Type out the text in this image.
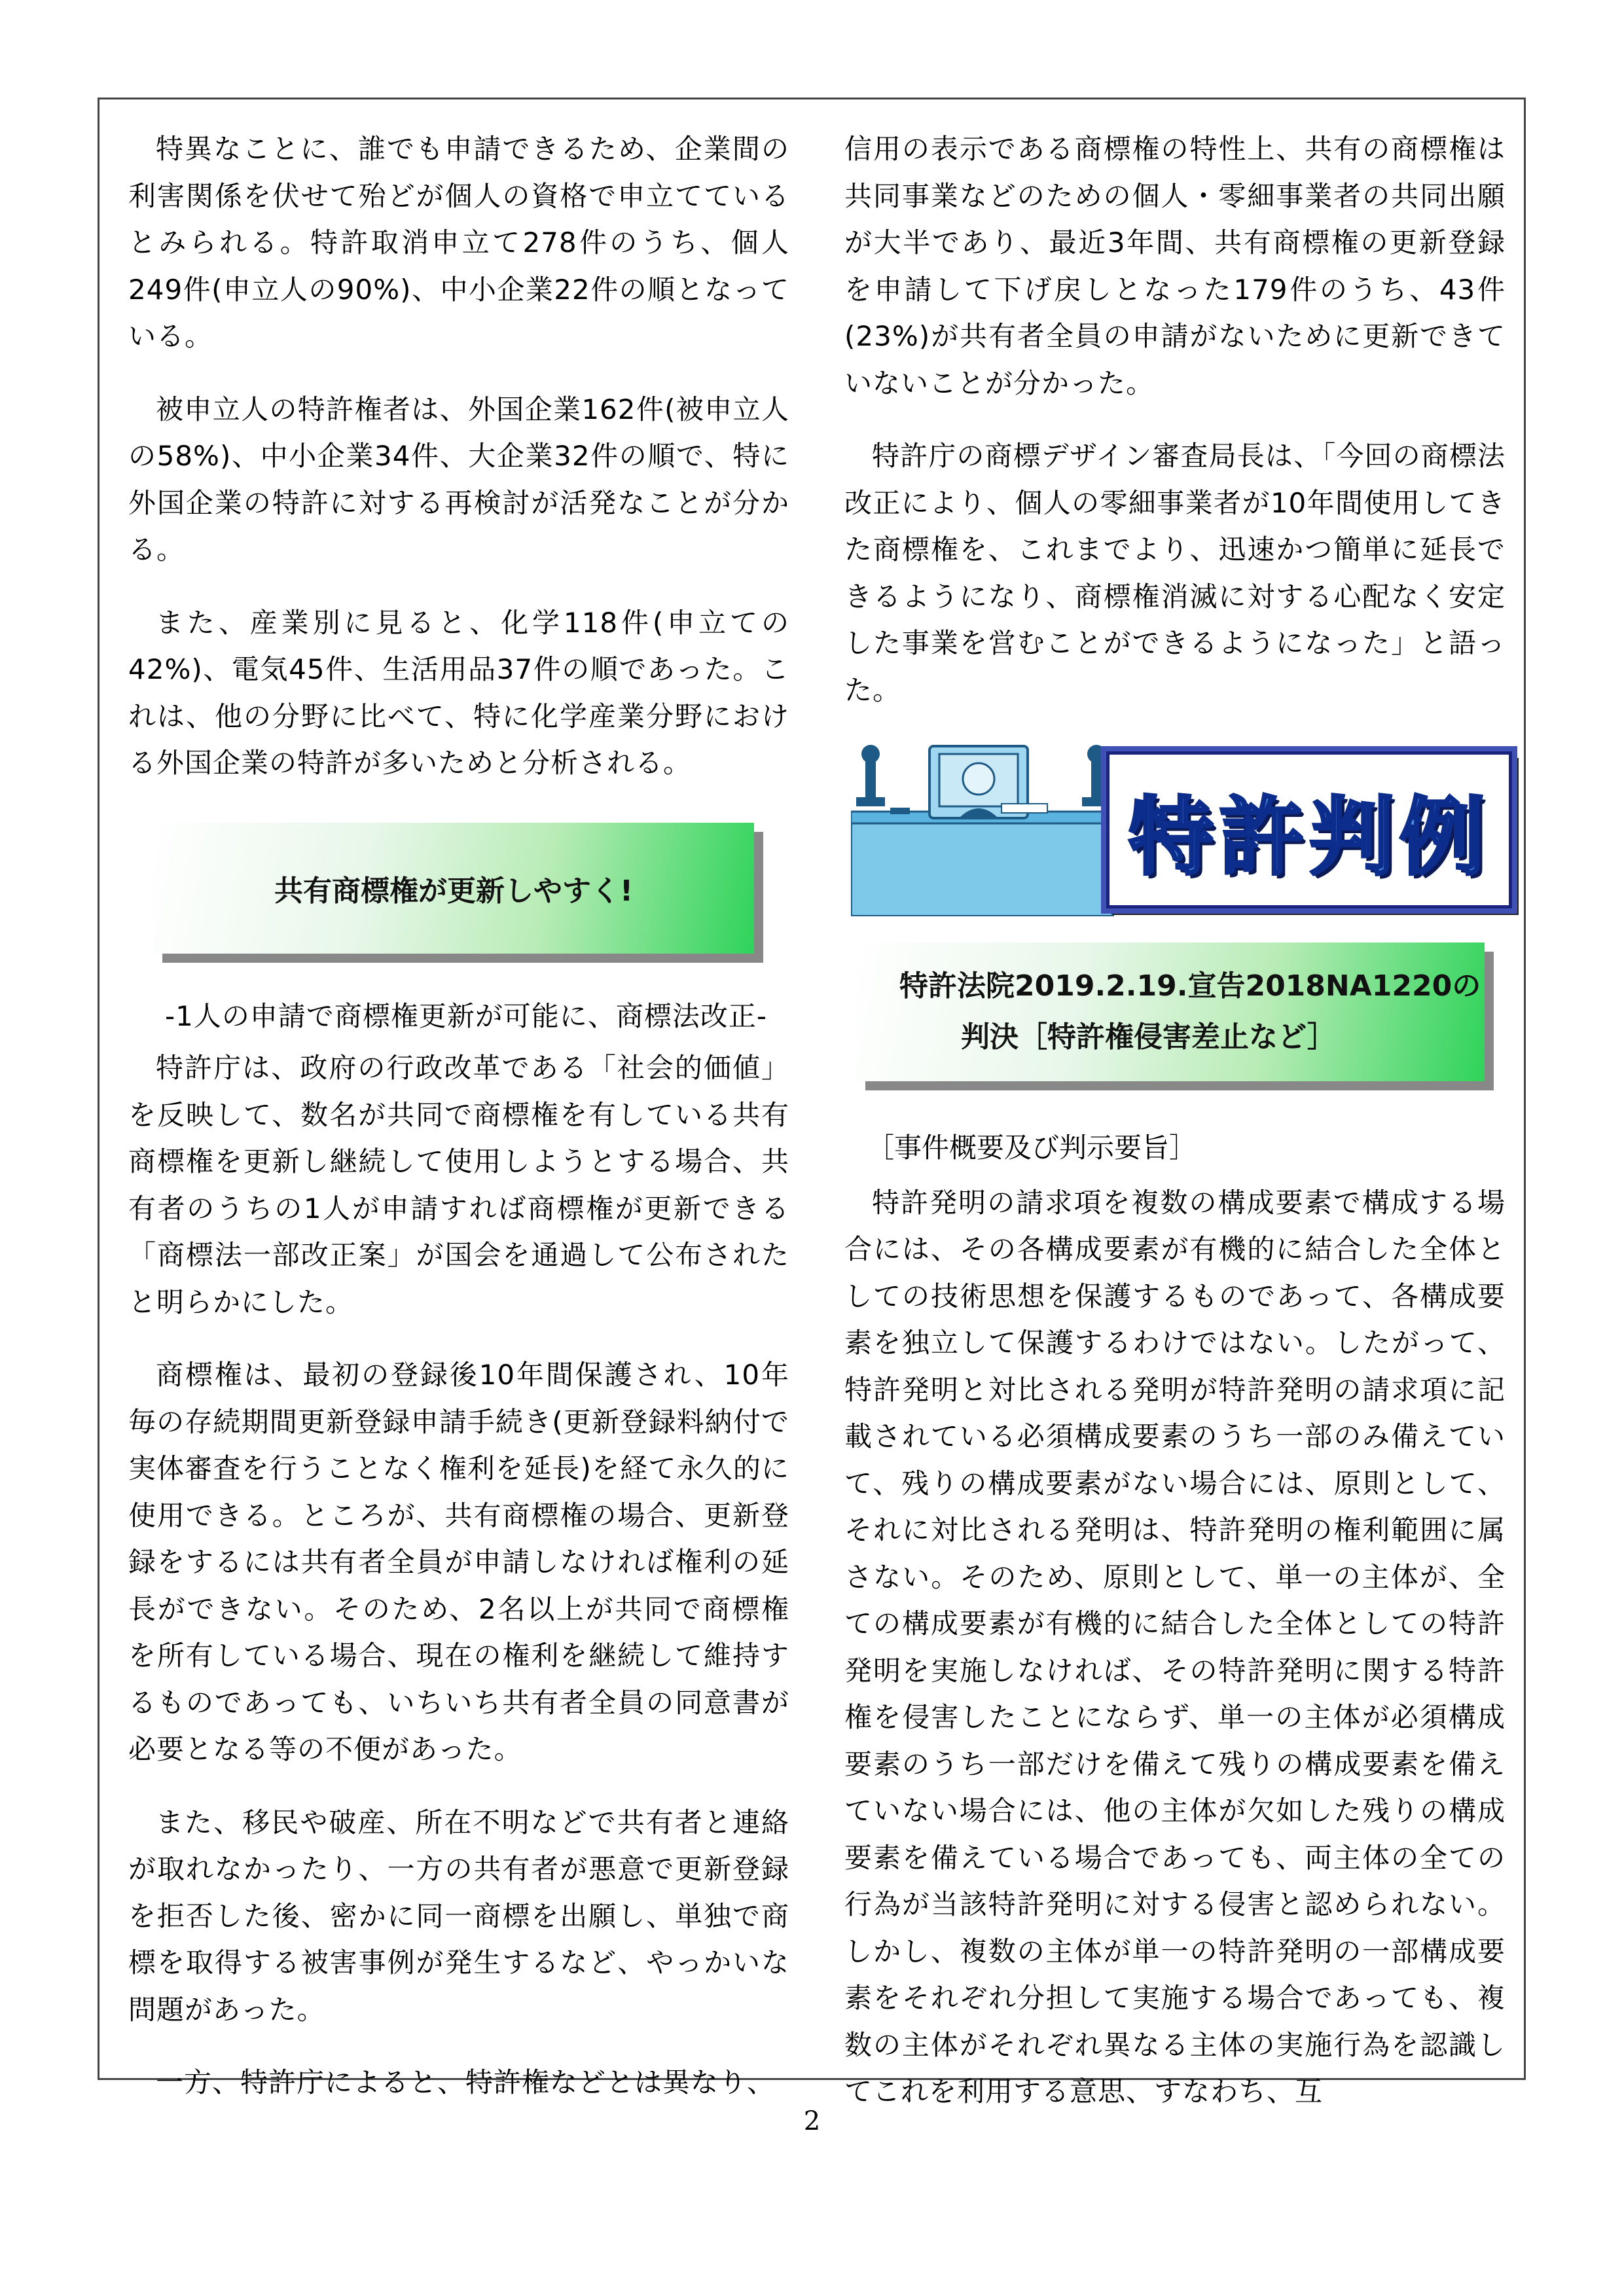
特異なことに、誰でも申請できるため、企業間の利害関係を伏せて殆どが個人の資格で申立てているとみられる。特許取消申立て278件のうち、個人249件(申立人の90%)、中小企業22件の順となっている。

被申立人の特許権者は、外国企業162件(被申立人の58%)、中小企業34件、大企業32件の順で、特に外国企業の特許に対する再検討が活発なことが分かる。

また、産業別に見ると、化学118件(申立ての42%)、電気45件、生活用品37件の順であった。これは、他の分野に比べて、特に化学産業分野における外国企業の特許が多いためと分析される。

共有商標権が更新しやすく!

-1人の申請で商標権更新が可能に、商標法改正-

特許庁は、政府の行政改革である「社会的価値」を反映して、数名が共同で商標権を有している共有商標権を更新し継続して使用しようとする場合、共有者のうちの1人が申請すれば商標権が更新できる「商標法一部改正案」が国会を通過して公布されたと明らかにした。

商標権は、最初の登録後10年間保護され、10年毎の存続期間更新登録申請手続き(更新登録料納付で実体審査を行うことなく権利を延長)を経て永久的に使用できる。ところが、共有商標権の場合、更新登録をするには共有者全員が申請しなければ権利の延長ができない。そのため、2名以上が共同で商標権を所有している場合、現在の権利を継続して維持するものであっても、いちいち共有者全員の同意書が必要となる等の不便があった。

また、移民や破産、所在不明などで共有者と連絡が取れなかったり、一方の共有者が悪意で更新登録を拒否した後、密かに同一商標を出願し、単独で商標を取得する被害事例が発生するなど、やっかいな問題があった。

一方、特許庁によると、特許権などとは異なり、

信用の表示である商標権の特性上、共有の商標権は共同事業などのための個人・零細事業者の共同出願が大半であり、最近3年間、共有商標権の更新登録を申請して下げ戻しとなった179件のうち、43件(23%)が共有者全員の申請がないために更新できていないことが分かった。

特許庁の商標デザイン審査局長は、「今回の商標法改正により、個人の零細事業者が10年間使用してきた商標権を、これまでより、迅速かつ簡単に延長できるようになり、商標権消滅に対する心配なく安定した事業を営むことができるようになった」と語った。

特許判例
特許法院2019.2.19.宣告2018NA1220の
判決［特許権侵害差止など］

［事件概要及び判示要旨］

特許発明の請求項を複数の構成要素で構成する場合には、その各構成要素が有機的に結合した全体としての技術思想を保護するものであって、各構成要素を独立して保護するわけではない。したがって、特許発明と対比される発明が特許発明の請求項に記載されている必須構成要素のうち一部のみ備えていて、残りの構成要素がない場合には、原則として、それに対比される発明は、特許発明の権利範囲に属さない。そのため、原則として、単一の主体が、全ての構成要素が有機的に結合した全体としての特許発明を実施しなければ、その特許発明に関する特許権を侵害したことにならず、単一の主体が必須構成要素のうち一部だけを備えて残りの構成要素を備えていない場合には、他の主体が欠如した残りの構成要素を備えている場合であっても、両主体の全ての行為が当該特許発明に対する侵害と認められない。しかし、複数の主体が単一の特許発明の一部構成要素をそれぞれ分担して実施する場合であっても、複数の主体がそれぞれ異なる主体の実施行為を認識してこれを利用する意思、すなわち、互

2
